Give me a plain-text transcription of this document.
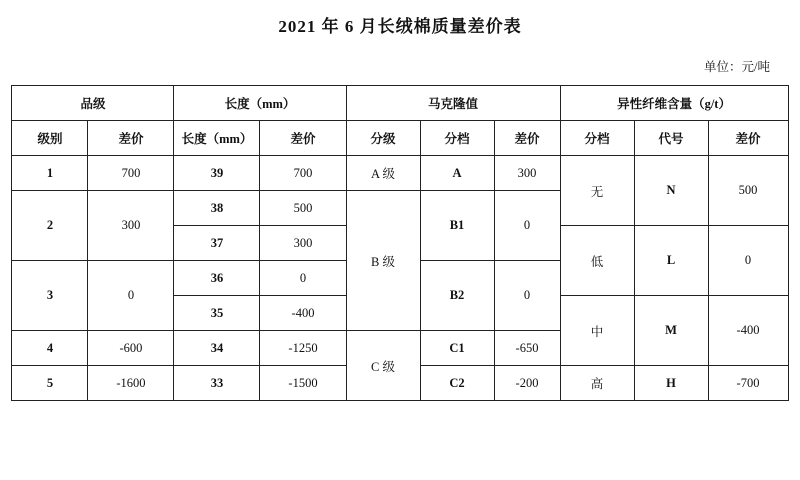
2021 年 6 月长绒棉质量差价表
单位：元/吨
品级		长度（mm）		马克隆值			异性纤维含量（g/t）		
级别	差价	长度（mm）	差价	分级	分档	差价	分档	代号	差价
1	700	39	700	A 级	A	300	无	N	500
2	300	38	500	B 级	B1	0			
		37	300				低	L	0
3	0	36	0		B2	0			
		35	-400				中	M	-400
4	-600	34	-1250	C 级	C1	-650			
5	-1600	33	-1500		C2	-200	高	H	-700
